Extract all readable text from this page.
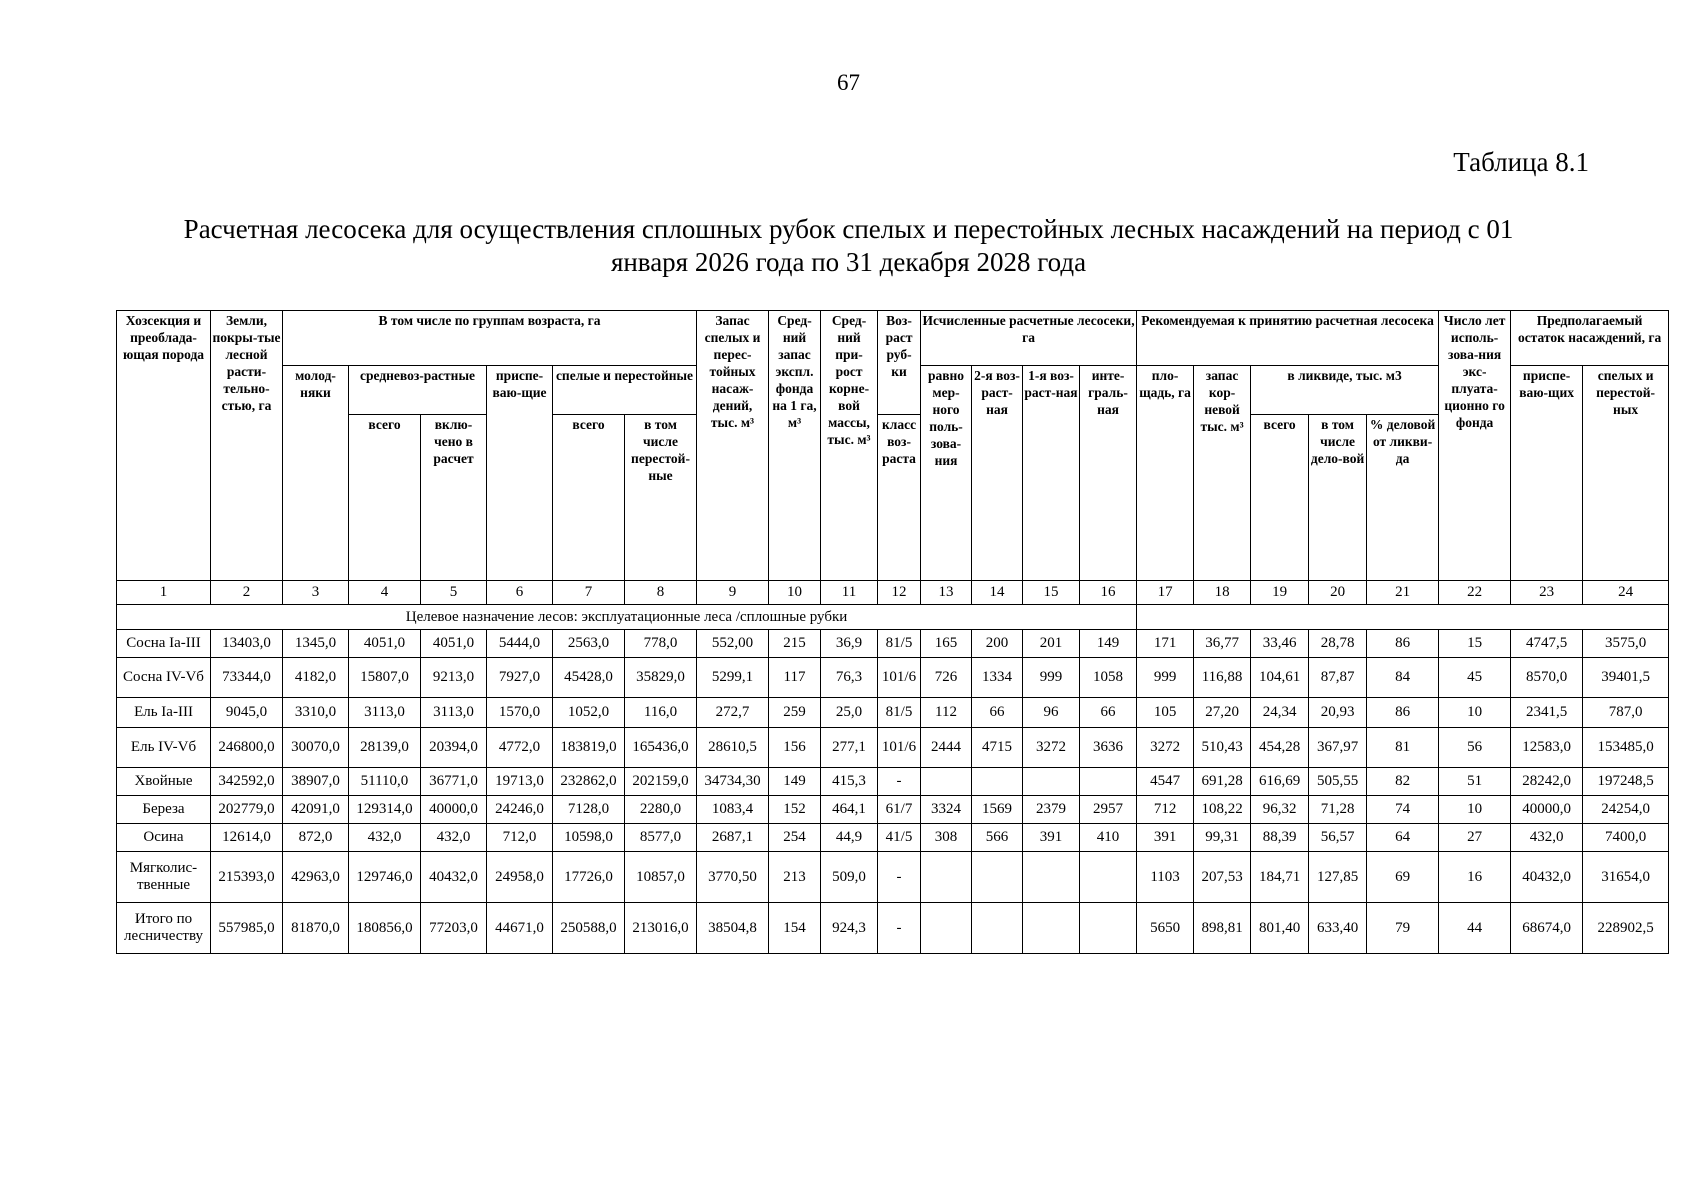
67
Таблица 8.1
Расчетная лесосека для осуществления сплошных рубок спелых и перестойных лесных насаждений на период с 01
января 2026 года по 31 декабря 2028 года
Хозсекция и преоблада-ющая порода	Земли, покры-тые лесной расти-тельно-стью, га	В том числе по группам возраста, га						Запас спелых и перес-тойных насаж-дений, тыс. м³	Сред-ний запас экспл. фонда на 1 га, м³	Сред-ний при-рост корне-вой массы, тыс. м³	Воз-раст руб-ки	Исчисленные расчетные лесосеки, га				Рекомендуемая к принятию расчетная лесосека					Число лет исполь-зова-ния экс-плуата-ционно го фонда	Предполагаемый остаток насаждений, га	
		молод-няки	средневоз-растные		приспе-ваю-щие	спелые и перестойные						равно мер-ного поль-зова-ния	2-я воз-раст-ная	1-я воз-раст-ная	инте-граль-ная	пло-щадь, га	запас кор-невой тыс. м³	в ликвиде, тыс. м3				приспе-ваю-щих	спелых и перестой-ных
			всего	вклю-чено в расчет		всего	в том числе перестой-ные				класс воз-раста							всего	в том числе дело-вой	% деловой от ликви-да			

1	2	3	4	5	6	7	8	9	10	11	12	13	14	15	16	17	18	19	20	21	22	23	24
Целевое назначение лесов: эксплуатационные леса /сплошные рубки																							
Сосна Iа-III	13403,0	1345,0	4051,0	4051,0	5444,0	2563,0	778,0	552,00	215	36,9	81/5	165	200	201	149	171	36,77	33,46	28,78	86	15	4747,5	3575,0
Сосна IV-Vб	73344,0	4182,0	15807,0	9213,0	7927,0	45428,0	35829,0	5299,1	117	76,3	101/6	726	1334	999	1058	999	116,88	104,61	87,87	84	45	8570,0	39401,5
Ель Iа-III	9045,0	3310,0	3113,0	3113,0	1570,0	1052,0	116,0	272,7	259	25,0	81/5	112	66	96	66	105	27,20	24,34	20,93	86	10	2341,5	787,0
Ель IV-Vб	246800,0	30070,0	28139,0	20394,0	4772,0	183819,0	165436,0	28610,5	156	277,1	101/6	2444	4715	3272	3636	3272	510,43	454,28	367,97	81	56	12583,0	153485,0
Хвойные	342592,0	38907,0	51110,0	36771,0	19713,0	232862,0	202159,0	34734,30	149	415,3	-					4547	691,28	616,69	505,55	82	51	28242,0	197248,5
Береза	202779,0	42091,0	129314,0	40000,0	24246,0	7128,0	2280,0	1083,4	152	464,1	61/7	3324	1569	2379	2957	712	108,22	96,32	71,28	74	10	40000,0	24254,0
Осина	12614,0	872,0	432,0	432,0	712,0	10598,0	8577,0	2687,1	254	44,9	41/5	308	566	391	410	391	99,31	88,39	56,57	64	27	432,0	7400,0
Мягколис-твенные	215393,0	42963,0	129746,0	40432,0	24958,0	17726,0	10857,0	3770,50	213	509,0	-					1103	207,53	184,71	127,85	69	16	40432,0	31654,0
Итого по лесничеству	557985,0	81870,0	180856,0	77203,0	44671,0	250588,0	213016,0	38504,8	154	924,3	-					5650	898,81	801,40	633,40	79	44	68674,0	228902,5
